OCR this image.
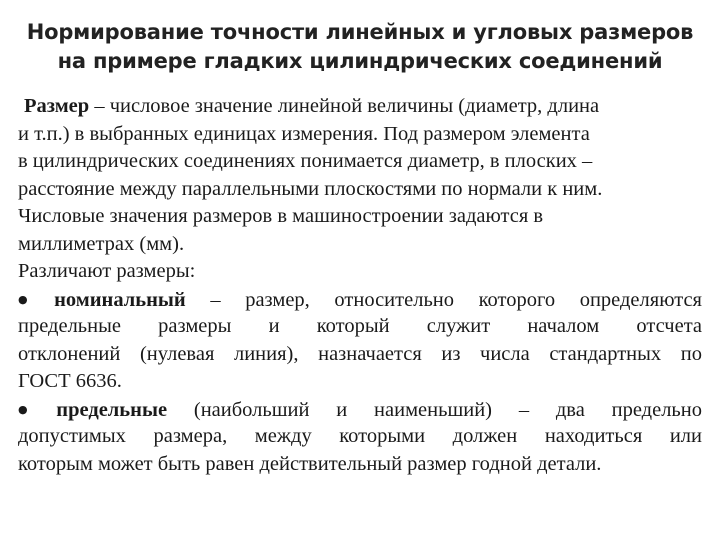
Нормирование точности линейных и угловых размеров
на примере гладких цилиндрических соединений
Размер – числовое значение линейной величины (диаметр, длина
и т.п.) в выбранных единицах измерения. Под размером элемента
в цилиндрических соединениях понимается диаметр, в плоских –
расстояние между параллельными плоскостями по нормали к ним.
Числовые значения размеров в машиностроении задаются в
миллиметрах (мм).
Различают размеры:
● номинальный – размер, относительно которого определяются
предельные размеры и который служит началом отсчета
отклонений (нулевая линия), назначается из числа стандартных по
ГОСТ 6636.
● предельные (наибольший и наименьший) – два предельно
допустимых размера, между которыми должен находиться или
которым может быть равен действительный размер годной детали.
